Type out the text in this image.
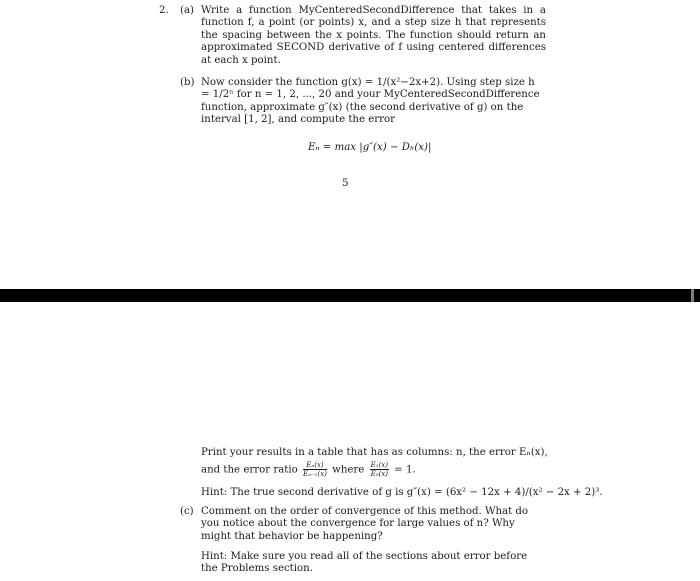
2. (a) Write a function MyCenteredSecondDifference that takes in a function f, a point (or points) x, and a step size h that represents the spacing between the x points. The function should return an approximated SECOND derivative of f using centered differences at each x point.
(b) Now consider the function g(x) = 1/(x²−2x+2). Using step size h = 1/2ⁿ for n = 1, 2, ..., 20 and your MyCenteredSecondDifference function, approximate g″(x) (the second derivative of g) on the interval [1, 2], and compute the error
Eₙ = max |g″(x) − Dₕ(x)|
5
Print your results in a table that has as columns: n, the error Eₙ(x),
and the error ratio $\frac{\text{Eₙ(x)}}{\text{Eₙ₋₁(x)}}$ where $\frac{\text{E₁(x)}}{\text{E₀(x)}} = 1$.
Hint: The true second derivative of g is g″(x) = (6x² − 12x + 4)/(x² − 2x + 2)³.
(c) Comment on the order of convergence of this method. What do you notice about the convergence for large values of n? Why might that behavior be happening?
Hint: Make sure you read all of the sections about error before the Problems section.
